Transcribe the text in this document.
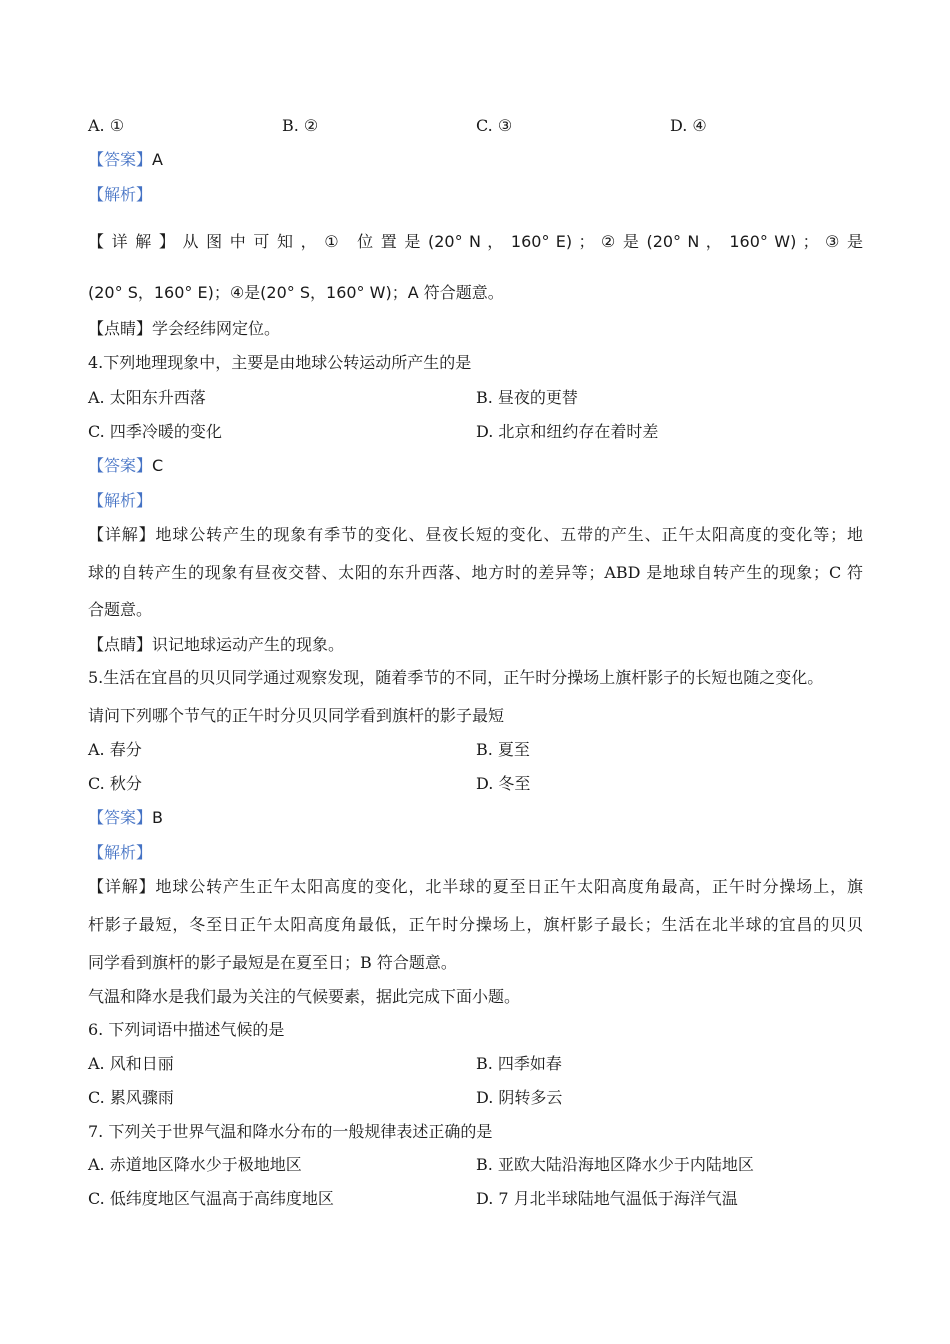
A. ①	B. ②	C. ③	D. ④
【答案】A
【解析】
【 详 解 】 从 图 中 可 知 ， ①　位 置 是 (20° N ， 160° E) ； ② 是 (20° N ， 160° W) ； ③ 是
(20° S，160° E)；④是(20° S，160° W)；A 符合题意。
【点睛】学会经纬网定位。
4.下列地理现象中，主要是由地球公转运动所产生的是
A. 太阳东升西落	B. 昼夜的更替
C. 四季冷暖的变化	D. 北京和纽约存在着时差
【答案】C
【解析】
【详解】地球公转产生的现象有季节的变化、昼夜长短的变化、五带的产生、正午太阳高度的变化等；地
球的自转产生的现象有昼夜交替、太阳的东升西落、地方时的差异等；ABD 是地球自转产生的现象；C 符
合题意。
【点睛】识记地球运动产生的现象。
5.生活在宜昌的贝贝同学通过观察发现，随着季节的不同，正午时分操场上旗杆影子的长短也随之变化。
请问下列哪个节气的正午时分贝贝同学看到旗杆的影子最短
A. 春分	B. 夏至
C. 秋分	D. 冬至
【答案】B
【解析】
【详解】地球公转产生正午太阳高度的变化，北半球的夏至日正午太阳高度角最高，正午时分操场上，旗
杆影子最短，冬至日正午太阳高度角最低，正午时分操场上，旗杆影子最长；生活在北半球的宜昌的贝贝
同学看到旗杆的影子最短是在夏至日；B 符合题意。
气温和降水是我们最为关注的气候要素，据此完成下面小题。
6. 下列词语中描述气候的是
A. 风和日丽	B. 四季如春
C. 累风骤雨	D. 阴转多云
7. 下列关于世界气温和降水分布的一般规律表述正确的是
A. 赤道地区降水少于极地地区	B. 亚欧大陆沿海地区降水少于内陆地区
C. 低纬度地区气温高于高纬度地区	D. 7 月北半球陆地气温低于海洋气温
